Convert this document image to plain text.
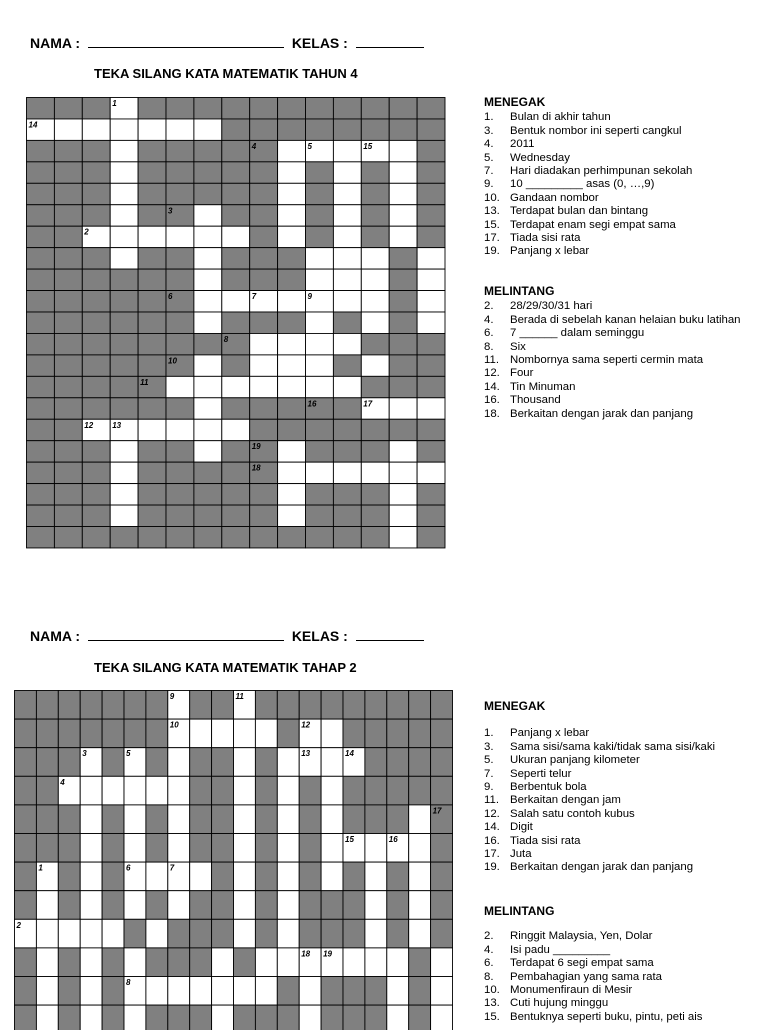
NAMA :	KELAS :
TEKA SILANG KATA MATEMATIK TAHUN 4
1
14
4	5	15
3
2
6	7	9
8
10
11
16	17
12 13
19
18
MENEGAK
1.	Bulan di akhir tahun
3.	Bentuk nombor ini seperti cangkul
4.	2011
5.	Wednesday
7.	Hari diadakan perhimpunan sekolah
9.	10 _________ asas (0, …,9)
10. Gandaan nombor
13. Terdapat bulan dan bintang
15. Terdapat enam segi empat sama
17. Tiada sisi rata
19. Panjang x lebar
MELINTANG
2.	28/29/30/31 hari
4.	Berada di sebelah kanan helaian buku latihan
6.	7 ______ dalam seminggu
8.	Six
11. Nombornya sama seperti cermin mata
12. Four
14. Tin Minuman
16. Thousand
18. Berkaitan dengan jarak dan panjang
NAMA :	KELAS :
TEKA SILANG KATA MATEMATIK TAHAP 2
9	11
10	12
3	5	13	14
4
17
15	16
1	6	7
2
18 19
8
MENEGAK
1.	Panjang x lebar
3.	Sama sisi/sama kaki/tidak sama sisi/kaki
5.	Ukuran panjang kilometer
7.	Seperti telur
9.	Berbentuk bola
11. Berkaitan dengan jam
12. Salah satu contoh kubus
14. Digit
16. Tiada sisi rata
17. Juta
19. Berkaitan dengan jarak dan panjang
MELINTANG
2.	Ringgit Malaysia, Yen, Dolar
4.	Isi padu _________
6.	Terdapat 6 segi empat sama
8.	Pembahagian yang sama rata
10. Monumenfiraun di Mesir
13. Cuti hujung minggu
15. Bentuknya seperti buku, pintu, peti ais
